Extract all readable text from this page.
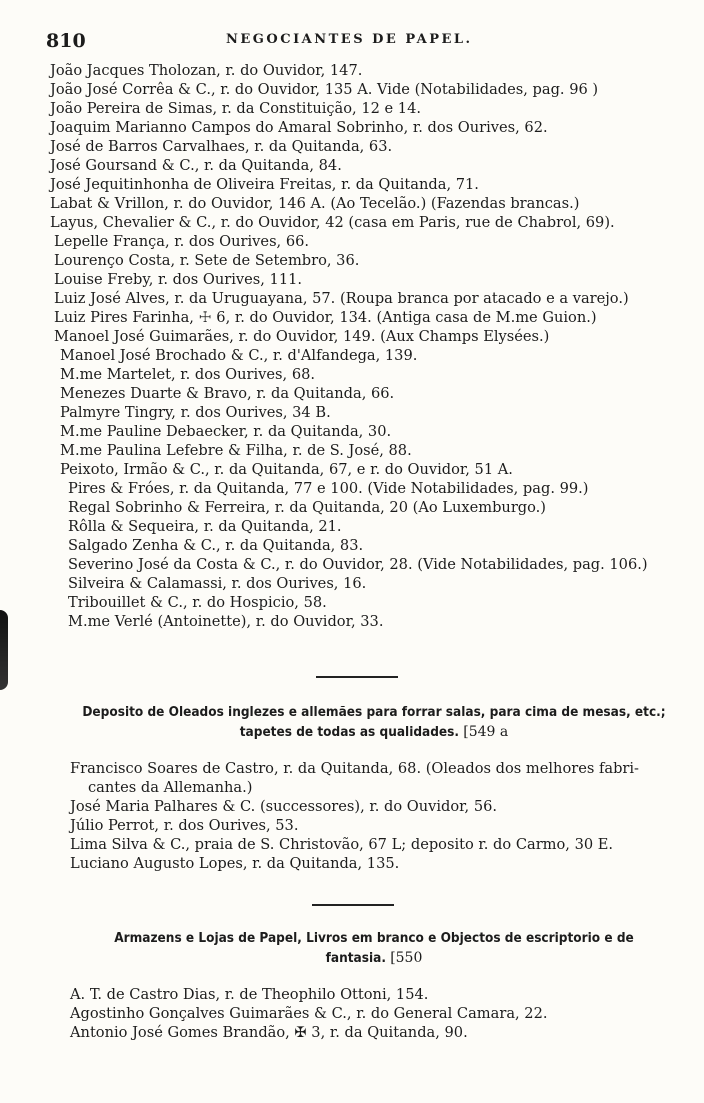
810	NEGOCIANTES DE PAPEL.
João Jacques Tholozan, r. do Ouvidor, 147.
João José Corrêa & C., r. do Ouvidor, 135 A. Vide (Notabilidades, pag. 96 )
João Pereira de Simas, r. da Constituição, 12 e 14.
Joaquim Marianno Campos do Amaral Sobrinho, r. dos Ourives, 62.
José de Barros Carvalhaes, r. da Quitanda, 63.
José Goursand & C., r. da Quitanda, 84.
José Jequitinhonha de Oliveira Freitas, r. da Quitanda, 71.
Labat & Vrillon, r. do Ouvidor, 146 A. (Ao Tecelão.) (Fazendas brancas.)
Layus, Chevalier & C., r. do Ouvidor, 42 (casa em Paris, rue de Chabrol, 69).
Lepelle França, r. dos Ourives, 66.
Lourenço Costa, r. Sete de Setembro, 36.
Louise Freby, r. dos Ourives, 111.
Luiz José Alves, r. da Uruguayana, 57. (Roupa branca por atacado e a varejo.)
Luiz Pires Farinha, ☩ 6, r. do Ouvidor, 134. (Antiga casa de M.me Guion.)
Manoel José Guimarães, r. do Ouvidor, 149. (Aux Champs Elysées.)
Manoel José Brochado & C., r. d'Alfandega, 139.
M.me Martelet, r. dos Ourives, 68.
Menezes Duarte & Bravo, r. da Quitanda, 66.
Palmyre Tingry, r. dos Ourives, 34 B.
M.me Pauline Debaecker, r. da Quitanda, 30.
M.me Paulina Lefebre & Filha, r. de S. José, 88.
Peixoto, Irmão & C., r. da Quitanda, 67, e r. do Ouvidor, 51 A.
Pires & Fróes, r. da Quitanda, 77 e 100. (Vide Notabilidades, pag. 99.)
Regal Sobrinho & Ferreira, r. da Quitanda, 20 (Ao Luxemburgo.)
Rôlla & Sequeira, r. da Quitanda, 21.
Salgado Zenha & C., r. da Quitanda, 83.
Severino José da Costa & C., r. do Ouvidor, 28. (Vide Notabilidades, pag. 106.)
Silveira & Calamassi, r. dos Ourives, 16.
Tribouillet & C., r. do Hospicio, 58.
M.me Verlé (Antoinette), r. do Ouvidor, 33.
Deposito de Oleados inglezes e allemães para forrar salas, para cima de mesas, etc.;
tapetes de todas as qualidades. [549 a
Francisco Soares de Castro, r. da Quitanda, 68. (Oleados dos melhores fabri-
cantes da Allemanha.)
José Maria Palhares & C. (successores), r. do Ouvidor, 56.
Júlio Perrot, r. dos Ourives, 53.
Lima Silva & C., praia de S. Christovão, 67 L; deposito r. do Carmo, 30 E.
Luciano Augusto Lopes, r. da Quitanda, 135.
Armazens e Lojas de Papel, Livros em branco e Objectos de escriptorio e de
fantasia. [550
A. T. de Castro Dias, r. de Theophilo Ottoni, 154.
Agostinho Gonçalves Guimarães & C., r. do General Camara, 22.
Antonio José Gomes Brandão, ✠ 3, r. da Quitanda, 90.
